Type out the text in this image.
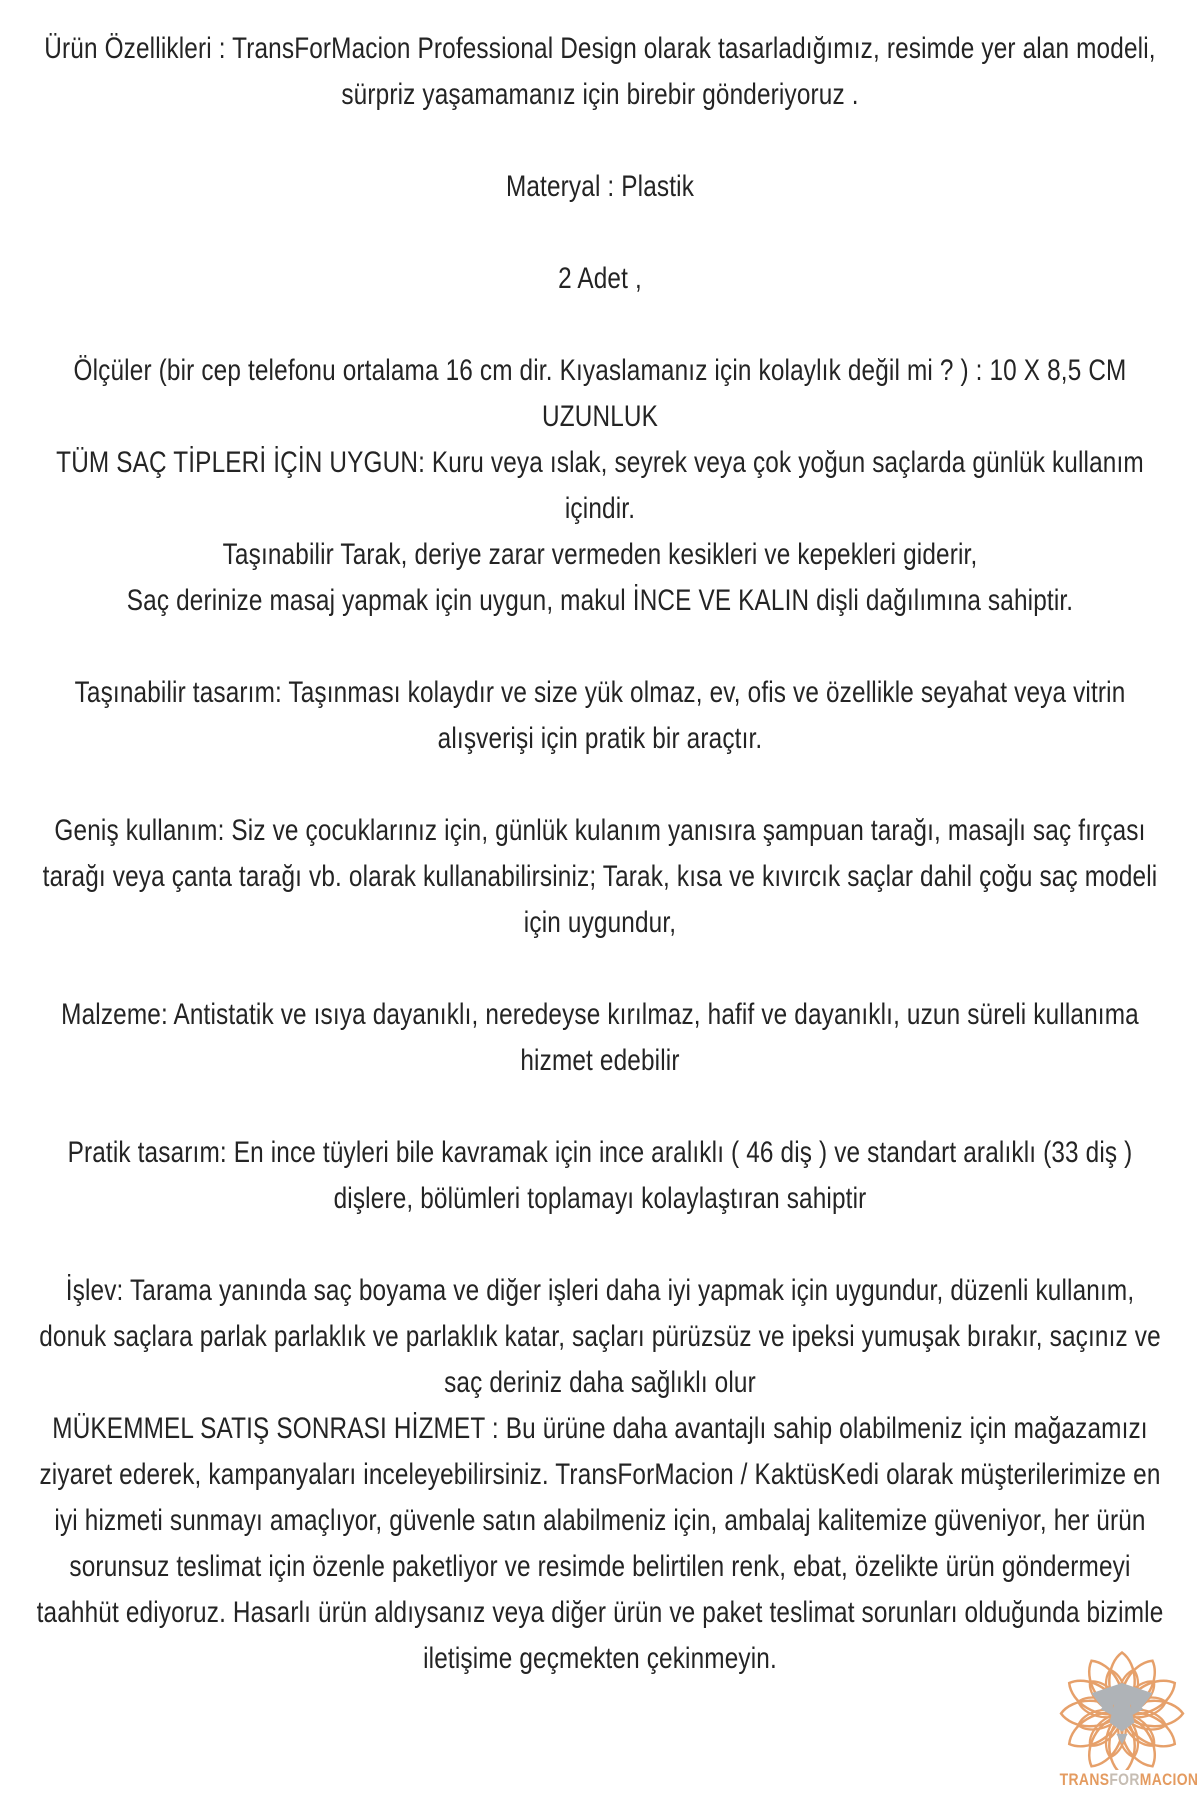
Ürün Özellikleri : TransForMacion Professional Design olarak tasarladığımız, resimde yer alan modeli, sürpriz yaşamamanız için birebir gönderiyoruz .

Materyal : Plastik

2 Adet ,

Ölçüler (bir cep telefonu ortalama 16 cm dir. Kıyaslamanız için kolaylık değil mi ? ) : 10 X 8,5 CM UZUNLUK

TÜM SAÇ TİPLERİ İÇİN UYGUN: Kuru veya ıslak, seyrek veya çok yoğun saçlarda günlük kullanım içindir.

Taşınabilir Tarak, deriye zarar vermeden kesikleri ve kepekleri giderir,

Saç derinize masaj yapmak için uygun, makul İNCE VE KALIN dişli dağılımına sahiptir.

Taşınabilir tasarım: Taşınması kolaydır ve size yük olmaz, ev, ofis ve özellikle seyahat veya vitrin alışverişi için pratik bir araçtır.

Geniş kullanım: Siz ve çocuklarınız için, günlük kulanım yanısıra şampuan tarağı, masajlı saç fırçası tarağı veya çanta tarağı vb. olarak kullanabilirsiniz; Tarak, kısa ve kıvırcık saçlar dahil çoğu saç modeli için uygundur,

Malzeme: Antistatik ve ısıya dayanıklı, neredeyse kırılmaz, hafif ve dayanıklı, uzun süreli kullanıma hizmet edebilir

Pratik tasarım: En ince tüyleri bile kavramak için ince aralıklı ( 46 diş ) ve standart aralıklı (33 diş ) dişlere, bölümleri toplamayı kolaylaştıran sahiptir

İşlev: Tarama yanında saç boyama ve diğer işleri daha iyi yapmak için uygundur, düzenli kullanım, donuk saçlara parlak parlaklık ve parlaklık katar, saçları pürüzsüz ve ipeksi yumuşak bırakır, saçınız ve saç deriniz daha sağlıklı olur

MÜKEMMEL SATIŞ SONRASI HİZMET : Bu ürüne daha avantajlı sahip olabilmeniz için mağazamızı ziyaret ederek, kampanyaları inceleyebilirsiniz. TransForMacion / KaktüsKedi olarak müşterilerimize en iyi hizmeti sunmayı amaçlıyor, güvenle satın alabilmeniz için, ambalaj kalitemize güveniyor, her ürün sorunsuz teslimat için özenle paketliyor ve resimde belirtilen renk, ebat, özelikte ürün göndermeyi taahhüt ediyoruz. Hasarlı ürün aldıysanız veya diğer ürün ve paket teslimat sorunları olduğunda bizimle iletişime geçmekten çekinmeyin.

TRANSFORMACION
